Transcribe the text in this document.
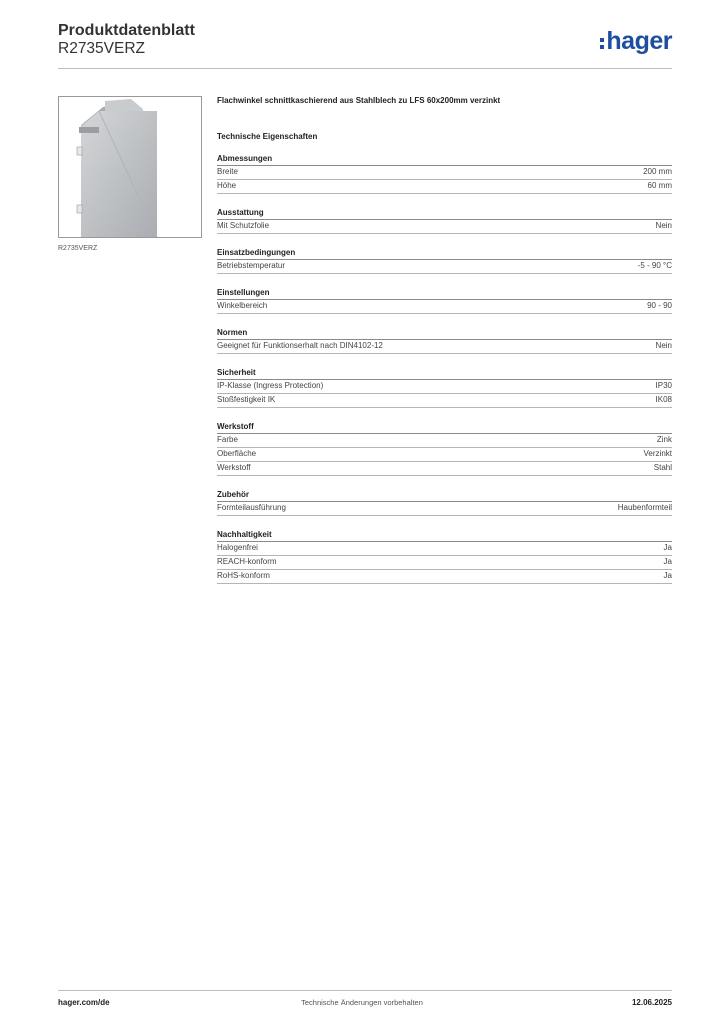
Produktdatenblatt
R2735VERZ	hager
R2735VERZ
Flachwinkel schnittkaschierend aus Stahlblech zu LFS 60x200mm verzinkt
Technische Eigenschaften
Abmessungen
Breite	200 mm
Höhe	60 mm
Ausstattung
Mit Schutzfolie	Nein
Einsatzbedingungen
Betriebstemperatur	-5 - 90 °C
Einstellungen
Winkelbereich	90 - 90
Normen
Geeignet für Funktionserhalt nach DIN4102-12	Nein
Sicherheit
IP-Klasse (Ingress Protection)	IP30
Stoßfestigkeit IK	IK08
Werkstoff
Farbe	Zink
Oberfläche	Verzinkt
Werkstoff	Stahl
Zubehör
Formteilausführung	Haubenformteil
Nachhaltigkeit
Halogenfrei	Ja
REACH-konform	Ja
RoHS-konform	Ja
hager.com/de	Technische Änderungen vorbehalten	12.06.2025
